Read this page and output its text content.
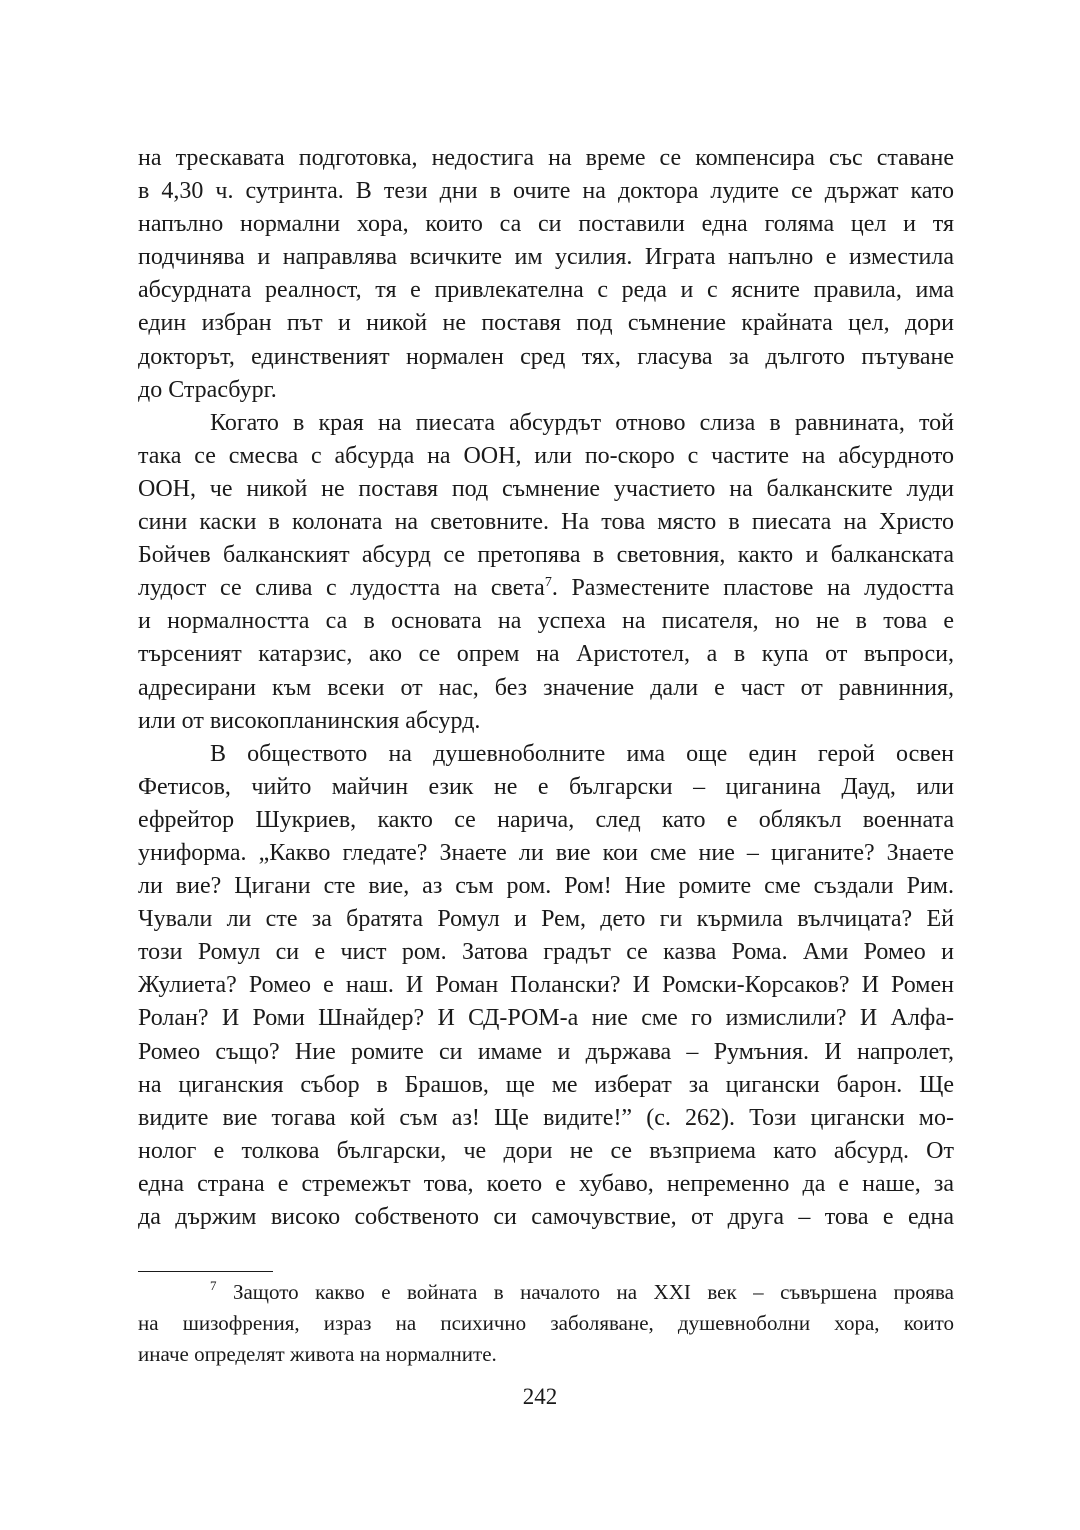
на трескавата подготовка, недостига на време се компенсира със ставане
в 4,30 ч. сутринта. В тези дни в очите на доктора лудите се държат като
напълно нормални хора, които са си поставили една голяма цел и тя
подчинява и направлява всичките им усилия. Играта напълно е изместила
абсурдната реалност, тя е привлекателна с реда и с ясните правила, има
един избран път и никой не поставя под съмнение крайната цел, дори
докторът, единственият нормален сред тях, гласува за дългото пътуване
до Страсбург.
Когато в края на пиесата абсурдът отново слиза в равнината, той
така се смесва с абсурда на ООН, или по-скоро с частите на абсурдното
ООН, че никой не поставя под съмнение участието на балканските луди
сини каски в колоната на световните. На това място в пиесата на Христо
Бойчев балканският абсурд се претопява в световния, както и балканската
лудост се слива с лудостта на света$^7$. Разместените пластове на лудостта
и нормалността са в основата на успеха на писателя, но не в това е
търсеният катарзис, ако се опрем на Аристотел, а в купа от въпроси,
адресирани към всеки от нас, без значение дали е част от равнинния,
или от високопланинския абсурд.
В обществото на душевноболните има още един герой освен
Фетисов, чийто майчин език не е български – циганина Дауд, или
ефрейтор Шукриев, както се нарича, след като е облякъл военната
униформа. „Какво гледате? Знаете ли вие кои сме ние – циганите? Знаете
ли вие? Цигани сте вие, аз съм ром. Ром! Ние ромите сме създали Рим.
Чували ли сте за братята Ромул и Рем, дето ги кърмила вълчицата? Ей
този Ромул си е чист ром. Затова градът се казва Рома. Ами Ромео и
Жулиета? Ромео е наш. И Роман Полански? И Ромски-Корсаков? И Ромен
Ролан? И Роми Шнайдер? И СД-РОМ-а ние сме го измислили? И Алфа-
Ромео също? Ние ромите си имаме и държава – Румъния. И напролет,
на циганския събор в Брашов, ще ме изберат за цигански барон. Ще
видите вие тогава кой съм аз! Ще видите!” (с. 262). Този цигански мо-
нолог е толкова български, че дори не се възприема като абсурд. От
една страна е стремежът това, което е хубаво, непременно да е наше, за
да държим високо собственото си самочувствие, от друга – това е една
$^7$ Защото какво е войната в началото на XXI век – съвършена проява
на шизофрения, израз на психично заболяване, душевноболни хора, които
иначе определят живота на нормалните.
242
